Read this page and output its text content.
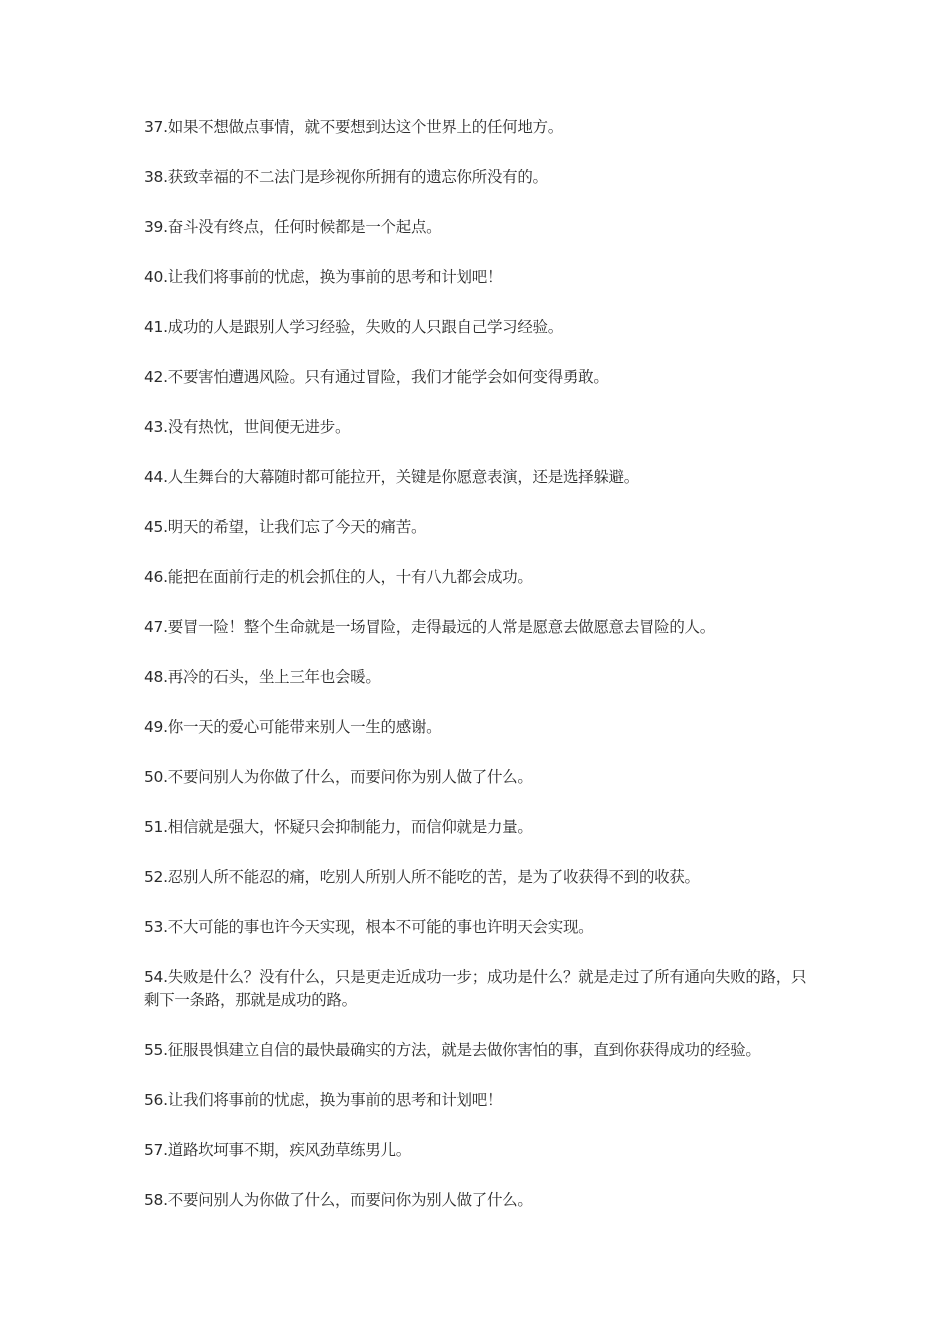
37.如果不想做点事情，就不要想到达这个世界上的任何地方。

38.获致幸福的不二法门是珍视你所拥有的遗忘你所没有的。

39.奋斗没有终点，任何时候都是一个起点。

40.让我们将事前的忧虑，换为事前的思考和计划吧！

41.成功的人是跟别人学习经验，失败的人只跟自己学习经验。

42.不要害怕遭遇风险。只有通过冒险，我们才能学会如何变得勇敢。

43.没有热忱，世间便无进步。

44.人生舞台的大幕随时都可能拉开，关键是你愿意表演，还是选择躲避。

45.明天的希望，让我们忘了今天的痛苦。

46.能把在面前行走的机会抓住的人，十有八九都会成功。

47.要冒一险！整个生命就是一场冒险，走得最远的人常是愿意去做愿意去冒险的人。

48.再冷的石头，坐上三年也会暖。

49.你一天的爱心可能带来别人一生的感谢。

50.不要问别人为你做了什么，而要问你为别人做了什么。

51.相信就是强大，怀疑只会抑制能力，而信仰就是力量。

52.忍别人所不能忍的痛，吃别人所别人所不能吃的苦，是为了收获得不到的收获。

53.不大可能的事也许今天实现，根本不可能的事也许明天会实现。

54.失败是什么？没有什么，只是更走近成功一步；成功是什么？就是走过了所有通向失败的路，只剩下一条路，那就是成功的路。

55.征服畏惧建立自信的最快最确实的方法，就是去做你害怕的事，直到你获得成功的经验。

56.让我们将事前的忧虑，换为事前的思考和计划吧！

57.道路坎坷事不期，疾风劲草练男儿。

58.不要问别人为你做了什么，而要问你为别人做了什么。
